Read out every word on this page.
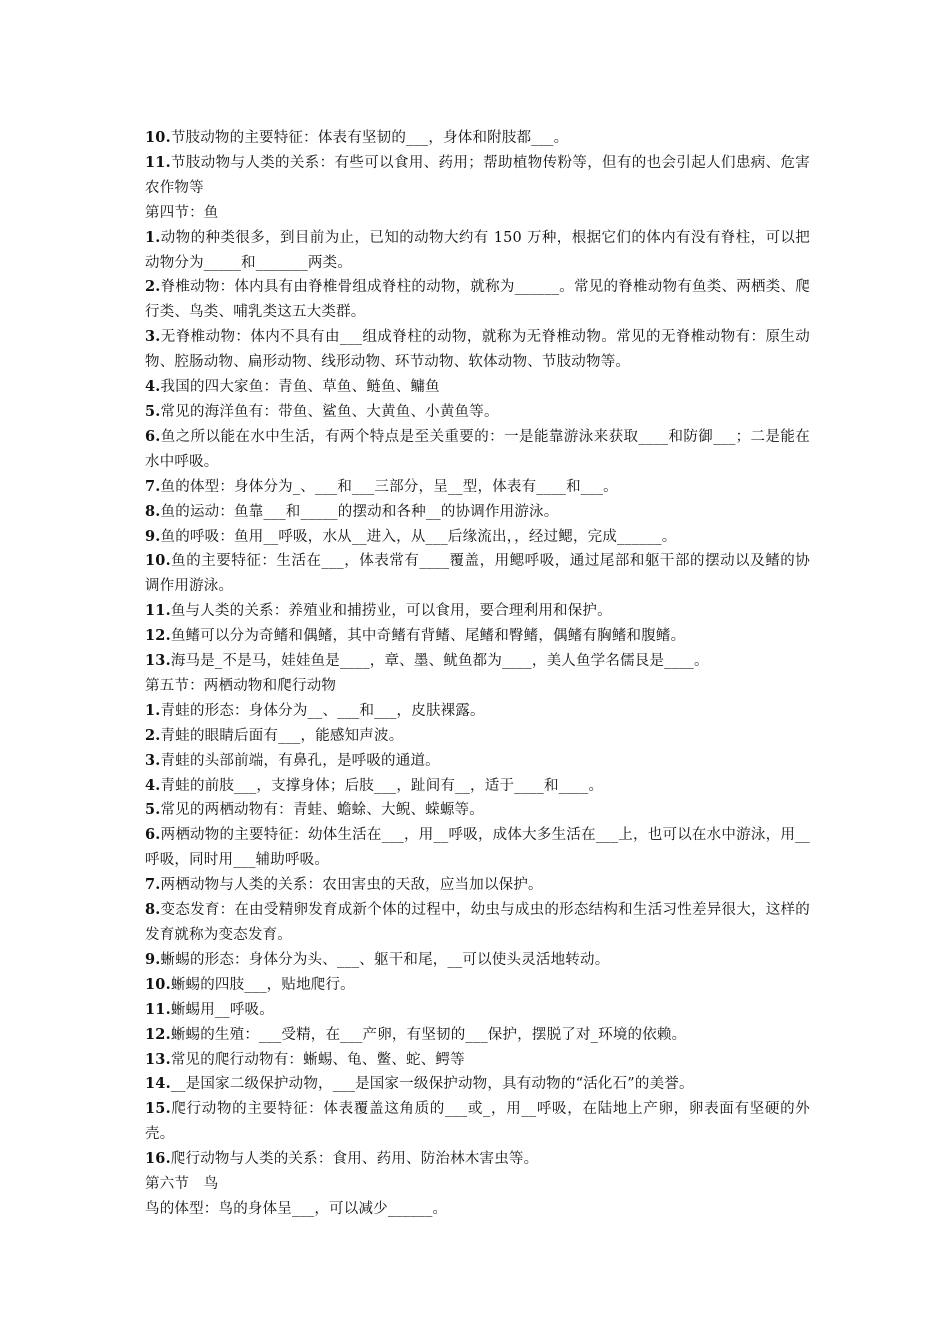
10.节肢动物的主要特征：体表有坚韧的___，身体和附肢都___。
11.节肢动物与人类的关系：有些可以食用、药用；帮助植物传粉等，但有的也会引起人们患病、危害农作物等
第四节：鱼
1.动物的种类很多，到目前为止，已知的动物大约有 150 万种，根据它们的体内有没有脊柱，可以把动物分为_____和_______两类。
2.脊椎动物：体内具有由脊椎骨组成脊柱的动物，就称为______。常见的脊椎动物有鱼类、两栖类、爬行类、鸟类、哺乳类这五大类群。
3.无脊椎动物：体内不具有由___组成脊柱的动物，就称为无脊椎动物。常见的无脊椎动物有：原生动物、腔肠动物、扁形动物、线形动物、环节动物、软体动物、节肢动物等。
4.我国的四大家鱼：青鱼、草鱼、鲢鱼、鳙鱼
5.常见的海洋鱼有：带鱼、鲨鱼、大黄鱼、小黄鱼等。
6.鱼之所以能在水中生活，有两个特点是至关重要的：一是能靠游泳来获取____和防御___；二是能在水中呼吸。
7.鱼的体型：身体分为_、___和___三部分，呈__型，体表有____和___。
8.鱼的运动：鱼靠___和_____的摆动和各种__的协调作用游泳。
9.鱼的呼吸：鱼用__呼吸，水从__进入，从___后缘流出，，经过鳃，完成______。
10.鱼的主要特征：生活在___，体表常有____覆盖，用鳃呼吸，通过尾部和躯干部的摆动以及鳍的协调作用游泳。
11.鱼与人类的关系：养殖业和捕捞业，可以食用，要合理利用和保护。
12.鱼鳍可以分为奇鳍和偶鳍，其中奇鳍有背鳍、尾鳍和臀鳍，偶鳍有胸鳍和腹鳍。
13.海马是_不是马，娃娃鱼是____，章、墨、鱿鱼都为____，美人鱼学名儒艮是____。
第五节：两栖动物和爬行动物
1.青蛙的形态：身体分为__、___和___，皮肤裸露。
2.青蛙的眼睛后面有___，能感知声波。
3.青蛙的头部前端，有鼻孔，是呼吸的通道。
4.青蛙的前肢___，支撑身体；后肢___，趾间有__，适于____和____。
5.常见的两栖动物有：青蛙、蟾蜍、大鲵、蝾螈等。
6.两栖动物的主要特征：幼体生活在___，用__呼吸，成体大多生活在___上，也可以在水中游泳，用__呼吸，同时用___辅助呼吸。
7.两栖动物与人类的关系：农田害虫的天敌，应当加以保护。
8.变态发育：在由受精卵发育成新个体的过程中，幼虫与成虫的形态结构和生活习性差异很大，这样的发育就称为变态发育。
9.蜥蜴的形态：身体分为头、___、躯干和尾，__可以使头灵活地转动。
10.蜥蜴的四肢___，贴地爬行。
11.蜥蜴用__呼吸。
12.蜥蜴的生殖：___受精，在___产卵，有坚韧的___保护，摆脱了对_环境的依赖。
13.常见的爬行动物有：蜥蜴、龟、鳖、蛇、鳄等
14.__是国家二级保护动物，___是国家一级保护动物，具有动物的“活化石”的美誉。
15.爬行动物的主要特征：体表覆盖这角质的___或_，用__呼吸，在陆地上产卵，卵表面有坚硬的外壳。
16.爬行动物与人类的关系：食用、药用、防治林木害虫等。
第六节　鸟
鸟的体型：鸟的身体呈___，可以减少______。
